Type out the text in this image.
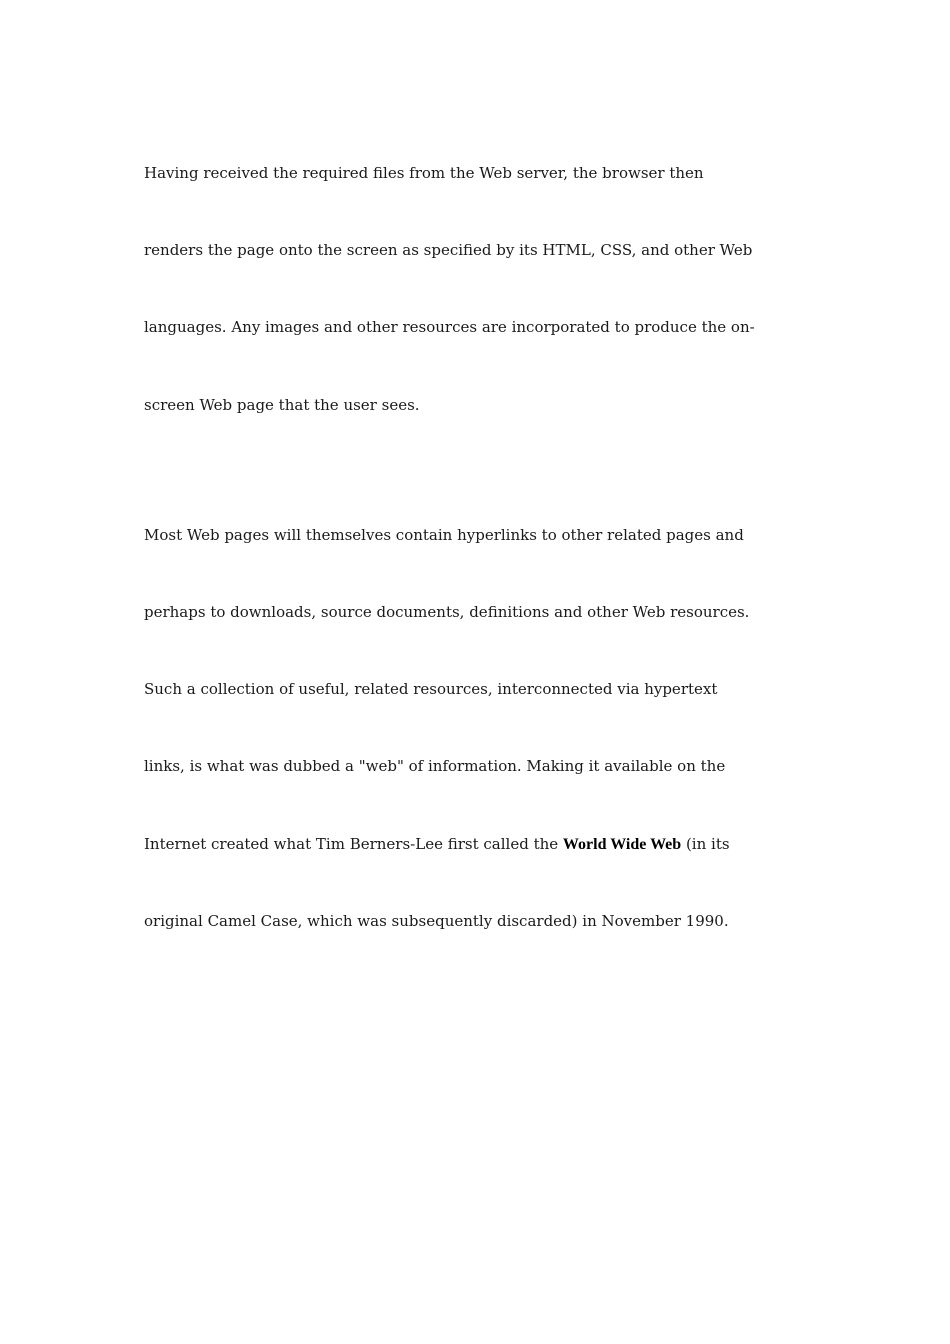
Having received the required files from the Web server, the browser then

renders the page onto the screen as specified by its HTML, CSS, and other Web

languages. Any images and other resources are incorporated to produce the on-

screen Web page that the user sees.

Most Web pages will themselves contain hyperlinks to other related pages and

perhaps to downloads, source documents, definitions and other Web resources.

Such a collection of useful, related resources, interconnected via hypertext

links, is what was dubbed a "web" of information. Making it available on the

Internet created what Tim Berners-Lee first called the World Wide Web (in its

original Camel Case, which was subsequently discarded) in November 1990.
